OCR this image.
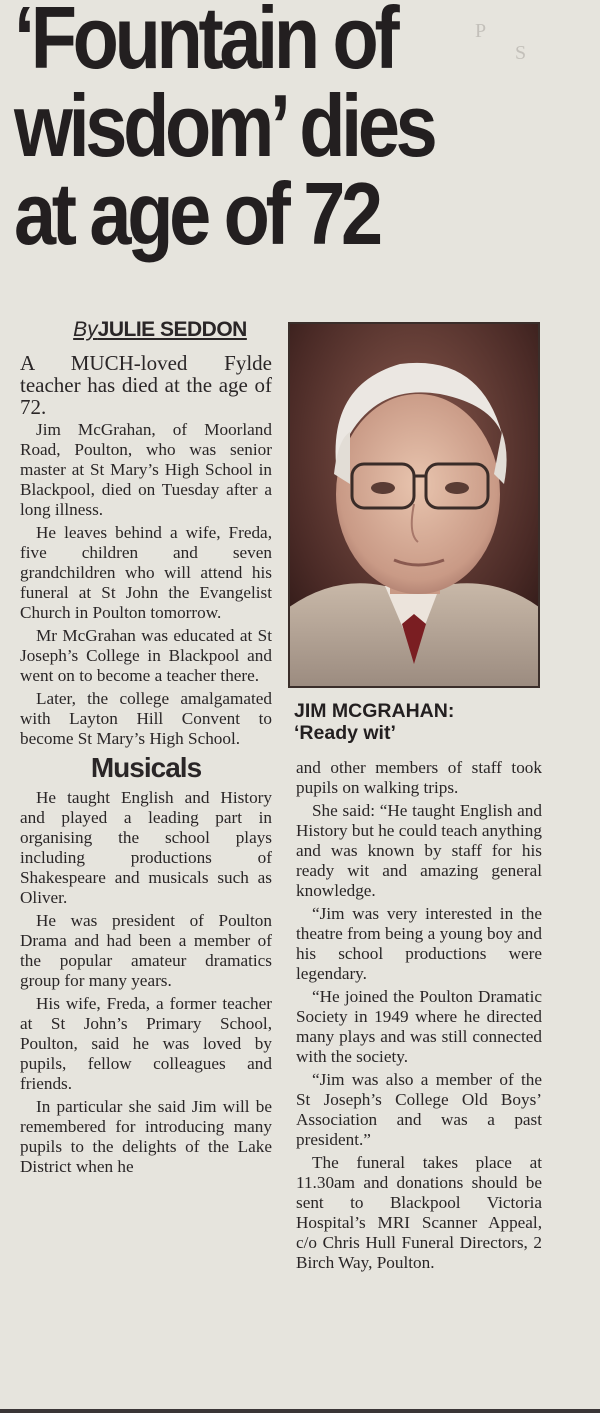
P
S

‘Fountain of
wisdom’ dies
at age of 72
ByJULIE SEDDON

A MUCH-loved Fylde teacher has died at the age of 72.

Jim McGrahan, of Moorland Road, Poulton, who was senior master at St Mary’s High School in Blackpool, died on Tuesday after a long illness.

He leaves behind a wife, Freda, five children and seven grandchildren who will attend his funeral at St John the Evangelist Church in Poulton tomorrow.

Mr McGrahan was educated at St Joseph’s College in Blackpool and went on to become a teacher there.

Later, the college amalgamated with Layton Hill Convent to become St Mary’s High School.

Musicals

He taught English and History and played a leading part in organising the school plays including productions of Shakespeare and musicals such as Oliver.

He was president of Poulton Drama and had been a member of the popular amateur dramatics group for many years.

His wife, Freda, a former teacher at St John’s Primary School, Poulton, said he was loved by pupils, fellow colleagues and friends.

In particular she said Jim will be remembered for introducing many pupils to the delights of the Lake District when he

JIM MCGRAHAN:
‘Ready wit’

and other members of staff took pupils on walking trips.

She said: “He taught English and History but he could teach anything and was known by staff for his ready wit and amazing general knowledge.

“Jim was very interested in the theatre from being a young boy and his school productions were legendary.

“He joined the Poulton Dramatic Society in 1949 where he directed many plays and was still connected with the society.

“Jim was also a member of the St Joseph’s College Old Boys’ Association and was a past president.”

The funeral takes place at 11.30am and donations should be sent to Blackpool Victoria Hospital’s MRI Scanner Appeal, c/o Chris Hull Funeral Directors, 2 Birch Way, Poulton.
